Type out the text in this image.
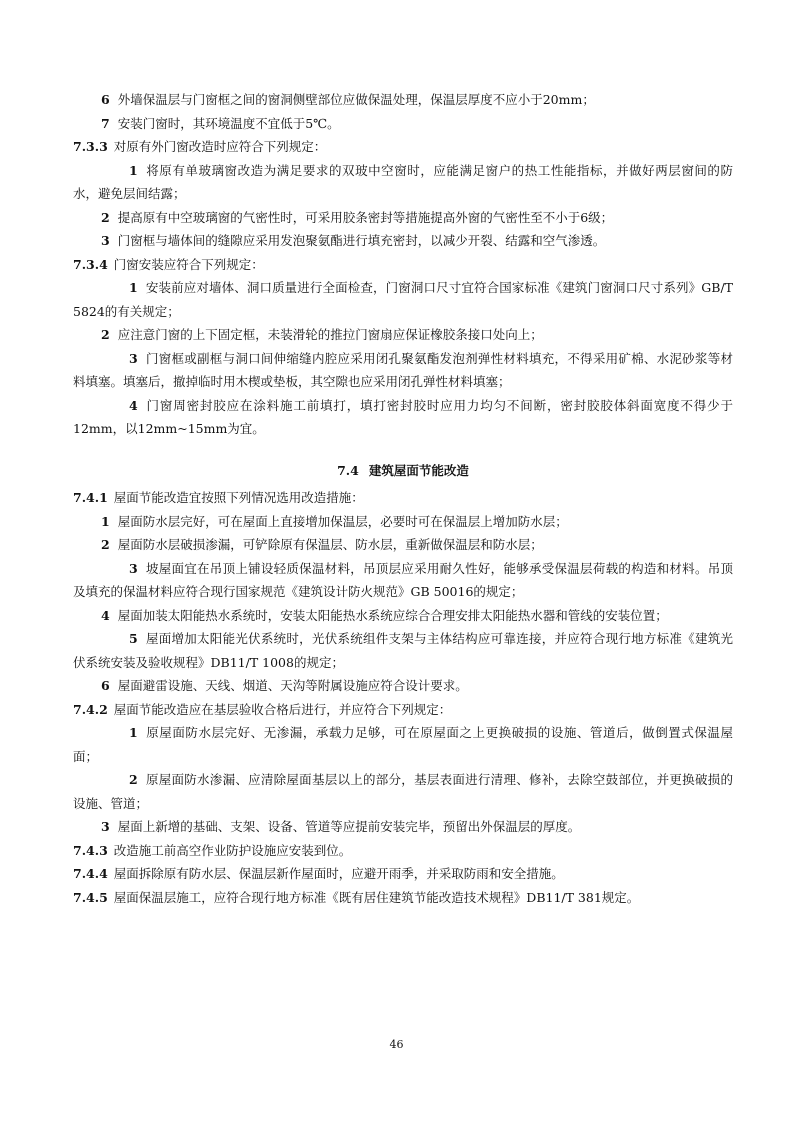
6 外墙保温层与门窗框之间的窗洞侧壁部位应做保温处理，保温层厚度不应小于20mm；
7 安装门窗时，其环境温度不宜低于5℃。
7.3.3 对原有外门窗改造时应符合下列规定：
1 将原有单玻璃窗改造为满足要求的双玻中空窗时，应能满足窗户的热工性能指标，并做好两层窗间的防水，避免层间结露；
2 提高原有中空玻璃窗的气密性时，可采用胶条密封等措施提高外窗的气密性至不小于6级；
3 门窗框与墙体间的缝隙应采用发泡聚氨酯进行填充密封，以减少开裂、结露和空气渗透。
7.3.4 门窗安装应符合下列规定：
1 安装前应对墙体、洞口质量进行全面检查，门窗洞口尺寸宜符合国家标准《建筑门窗洞口尺寸系列》GB/T 5824的有关规定；
2 应注意门窗的上下固定框，未装滑轮的推拉门窗扇应保证橡胶条接口处向上；
3 门窗框或副框与洞口间伸缩缝内腔应采用闭孔聚氨酯发泡剂弹性材料填充，不得采用矿棉、水泥砂浆等材料填塞。填塞后，撤掉临时用木楔或垫板，其空隙也应采用闭孔弹性材料填塞；
4 门窗周密封胶应在涂料施工前填打，填打密封胶时应用力均匀不间断，密封胶胶体斜面宽度不得少于12mm，以12mm~15mm为宜。
7.4 建筑屋面节能改造
7.4.1 屋面节能改造宜按照下列情况选用改造措施：
1 屋面防水层完好，可在屋面上直接增加保温层，必要时可在保温层上增加防水层；
2 屋面防水层破损渗漏，可铲除原有保温层、防水层，重新做保温层和防水层；
3 坡屋面宜在吊顶上铺设轻质保温材料，吊顶层应采用耐久性好，能够承受保温层荷载的构造和材料。吊顶及填充的保温材料应符合现行国家规范《建筑设计防火规范》GB 50016的规定；
4 屋面加装太阳能热水系统时，安装太阳能热水系统应综合合理安排太阳能热水器和管线的安装位置；
5 屋面增加太阳能光伏系统时，光伏系统组件支架与主体结构应可靠连接，并应符合现行地方标准《建筑光伏系统安装及验收规程》DB11/T 1008的规定；
6 屋面避雷设施、天线、烟道、天沟等附属设施应符合设计要求。
7.4.2 屋面节能改造应在基层验收合格后进行，并应符合下列规定：
1 原屋面防水层完好、无渗漏，承载力足够，可在原屋面之上更换破损的设施、管道后，做倒置式保温屋面；
2 原屋面防水渗漏、应清除屋面基层以上的部分，基层表面进行清理、修补，去除空鼓部位，并更换破损的设施、管道；
3 屋面上新增的基础、支架、设备、管道等应提前安装完毕，预留出外保温层的厚度。
7.4.3 改造施工前高空作业防护设施应安装到位。
7.4.4 屋面拆除原有防水层、保温层新作屋面时，应避开雨季，并采取防雨和安全措施。
7.4.5 屋面保温层施工，应符合现行地方标准《既有居住建筑节能改造技术规程》DB11/T 381规定。
46
